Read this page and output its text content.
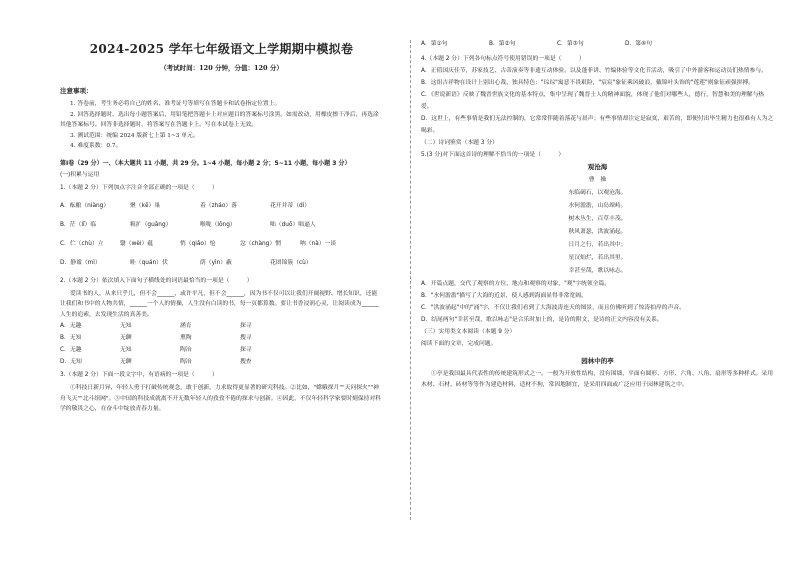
2024-2025 学年七年级语文上学期期中模拟卷
（考试时间：120 分钟，分值：120 分）
注意事项：

1. 答卷前，考生务必将自己的姓名、准考证号等填写在答题卡和试卷指定位置上。

2. 回答选择题时，选出每小题答案后，用铅笔把答题卡上对应题目的答案标号涂黑。如需改动，用橡皮擦干净后，再选涂其他答案标号。回答非选择题时，将答案写在答题卡上。写在本试卷上无效。

3. 测试范围：统编 2024 版新七上第 1~3 单元。

4. 难度系数：0.7。

第Ⅰ卷（29 分）一、（本大题共 11 小题，共 29 分。1~4 小题，每小题 2 分；5~11 小题，每小题 3 分）
(一)积累与运用
1.（本题 2 分）下列加点字注音全部正确的一项是（　　　）
A．酝酿（niàng）	聚（kē）巢	着（zháo）落	花开并蒂（dì）
B．茫（lǐ）临	粗扩（guǎng）	喉咙（lǒng）	咄（duō）咄逼人
C．伫（chù）立	翳（wèi）蕴	悄（qiǎo）怆	忿（chàng）惘	呐（nà）一谈
D．静谧（mì）	畦（quán）伏	荫（yìn）蔽	花团锦簇（cù）
2.（本题 2 分）依次填入下面句子横线处的词语最恰当的一项是（　　　）

爱读书的人，从来只乎几，但不会______，或许平凡，但不会______，因为书不仅可以让我们开阔视野、增长知识，还能让我们和书中的人物共情，______一个人的情操，人生没有白读的书，每一页都算数。要让书香浸润心灵，让阅读成为______人生的追索，去发现生活的真善美。

A．无趣	无知	涵育	探寻
B．无知	无聊	熏陶	搜寻
C．无趣	无知	陶冶	探寻
D．无知	无聊	陶冶	搜查
3.（本题 2 分）下面一段文字中，有语病的一项是（　　　）

①科技日新月异，年轻人勇于打破传统观念，敢于创新，力求取得更显著的研究科技。②比如，"嫦娥探月""天问探火""神舟飞天""北斗组网"。③中国的科技成就离不开无数年轻人的孜孜不倦的探求与创新。④因此，不仅年轻科学家要时刻保持对科学的敬畏之心，在奋斗中绽放青春力量。

A．第①句	B．第②句	C．第③句	D．第④句
4.（本题 2 分）下列各句标点符号使用错误的一项是（　　　）
A．正值国庆佳节，苏家技艺、古蒂演奏等非遗互动体验，以及蓬菲讲、竹编体验等文化节活动，吸引了中外游客和运动员们热情参与。
B．这组吉祥物在设计上别出心裁、独具特色："琮琮"寓意不畏艰险，"宸宸"象征乘风破浪，戴锦叶头饰的"莲莲"则象征顽强拼搏。
C．《世说新语》反映了魏晋世族文化的基本特点，集中呈现了魏晋士人的精神面貌，体现了他们对哪些人，德行，智慧和美的理解与热爱。
D．这世上，有些事情是我们无法控制的，它常常伴随着落花与晨声；有些事情却注定是寂寞、艰苦的，即便付出毕生精力也很难有人为之喝彩。
（二）诗词鉴赏（本题 3 分）
5.(3 分)对下面这首诗的理解不恰当的一项是（　　　）
观沧海
曹　操
东临碣石，以观沧海。
水何澹澹，山岛竦峙。
树木丛生，百草丰茂。
秋风萧瑟，洪波涌起。
日月之行，若出其中；
星汉灿烂，若出其里。
幸甚至哉，歌以咏志。
A．开篇点题，交代了观察的方位、地点和观察的对象，"观"字统领全篇。
B．"水何澹澹"描写了大海的近景，使人感到海面显得非常宽阔。
C．"洪波涌起"中的"涌"字，不仅让我们看到了大海波涛连天的图景，而且仿佛听到了惊涛拍岸的声音。
D．结尾两句"幸甚至哉，歌以咏志"是合乐时加上的，是诗的附文，是诗的正文内容没有关系。
（三）实用类文本阅读（本题 9 分）
阅读下面的文章，完成问题。
园林中的亭

①亭是我国最具代表性的传统建筑形式之一。一般为开放性结构，没有围墙，平面有圆形、方形、六角、八角、扇形等多种样式。采用木材、石材、砖材等等作为建造材料，适材不拘，常因地制宜，是采用四面或广泛应用于园林建筑之中。
